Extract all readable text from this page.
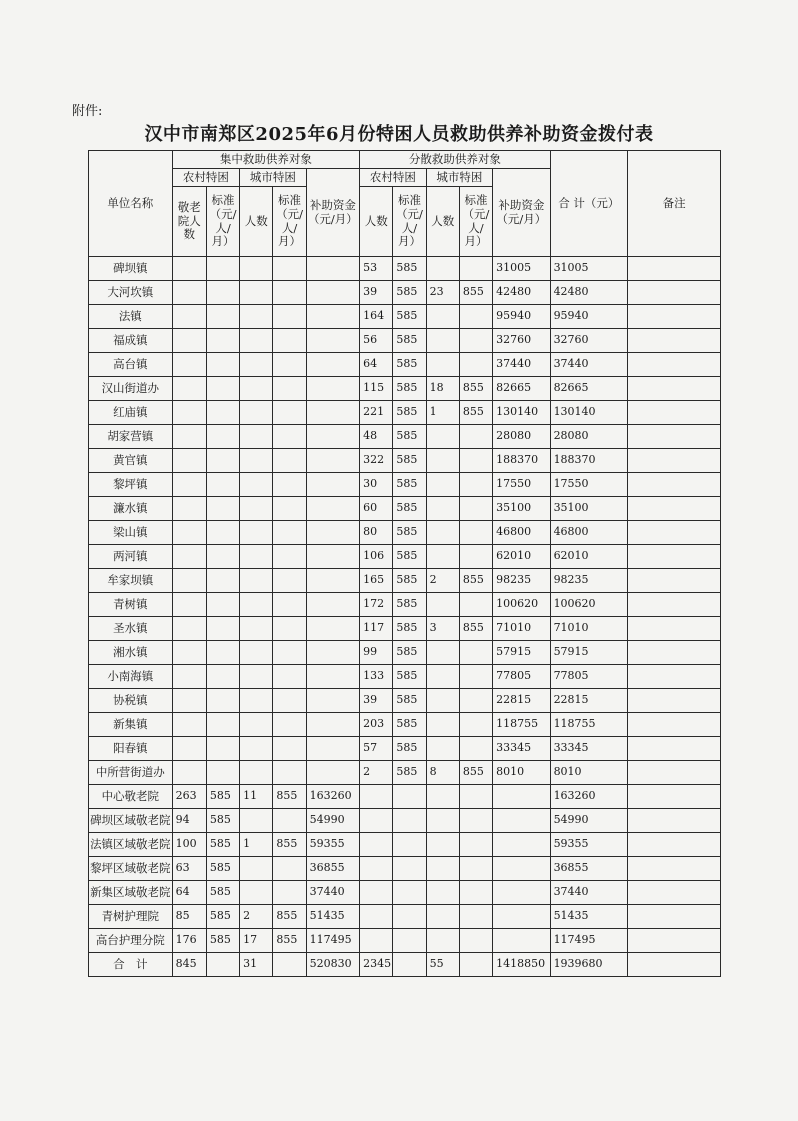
附件:
汉中市南郑区2025年6月份特困人员救助供养补助资金拨付表
单位名称	集中救助供养对象					分散救助供养对象					合 计（元）	备注
	农村特困		城市特困		补助资金（元/月）	农村特困		城市特困		补助资金（元/月）		
	敬老院人数	标准（元/人/月）	人数	标准（元/人/月）		人数	标准（元/人/月）	人数	标准（元/人/月）			
碑坝镇						53	585			31005	31005	
大河坎镇						39	585	23	855	42480	42480	
法镇						164	585			95940	95940	
福成镇						56	585			32760	32760	
高台镇						64	585			37440	37440	
汉山街道办						115	585	18	855	82665	82665	
红庙镇						221	585	1	855	130140	130140	
胡家营镇						48	585			28080	28080	
黄官镇						322	585			188370	188370	
黎坪镇						30	585			17550	17550	
濂水镇						60	585			35100	35100	
梁山镇						80	585			46800	46800	
两河镇						106	585			62010	62010	
牟家坝镇						165	585	2	855	98235	98235	
青树镇						172	585			100620	100620	
圣水镇						117	585	3	855	71010	71010	
湘水镇						99	585			57915	57915	
小南海镇						133	585			77805	77805	
协税镇						39	585			22815	22815	
新集镇						203	585			118755	118755	
阳春镇						57	585			33345	33345	
中所营街道办						2	585	8	855	8010	8010	
中心敬老院	263	585	11	855	163260						163260	
碑坝区域敬老院	94	585			54990						54990	
法镇区域敬老院	100	585	1	855	59355						59355	
黎坪区域敬老院	63	585			36855						36855	
新集区域敬老院	64	585			37440						37440	
青树护理院	85	585	2	855	51435						51435	
高台护理分院	176	585	17	855	117495						117495	
合　计	845		31		520830	2345		55		1418850	1939680	
